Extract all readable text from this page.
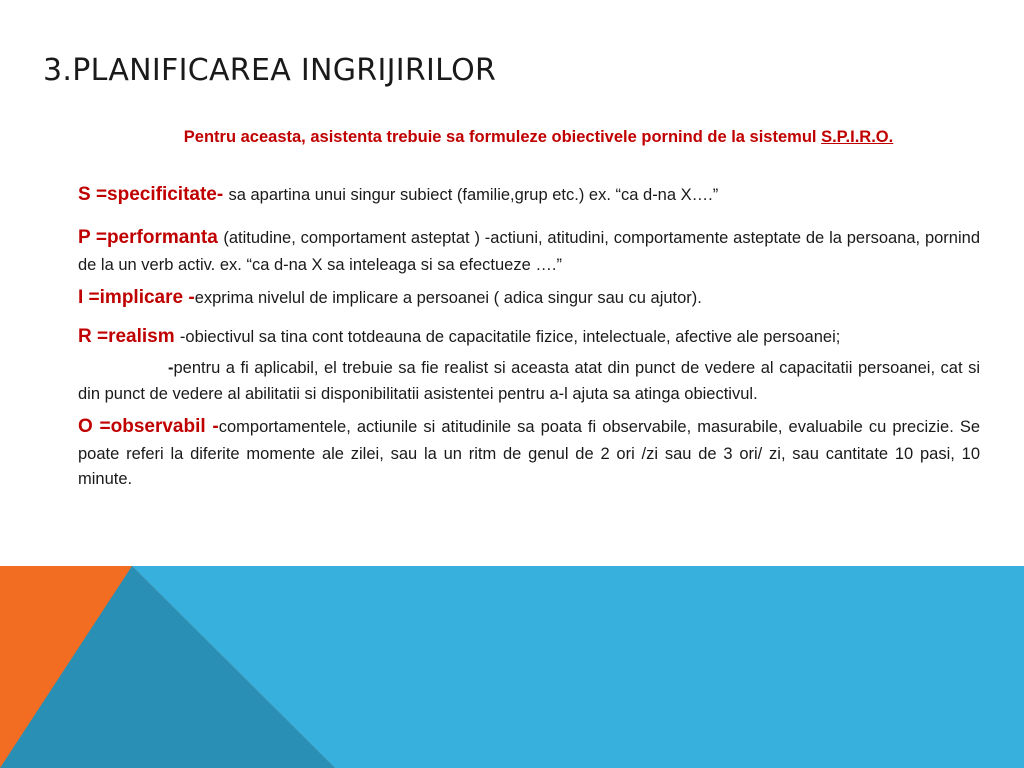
3.PLANIFICAREA INGRIJIRILOR
Pentru aceasta, asistenta trebuie sa formuleze obiectivele pornind de la sistemul S.P.I.R.O.

S =specificitate- sa apartina unui singur subiect (familie,grup etc.) ex. “ca d-na X….”

P =performanta (atitudine, comportament asteptat ) -actiuni, atitudini, comportamente asteptate de la persoana, pornind de la un verb activ. ex. “ca d-na X sa inteleaga si sa efectueze ….”

I =implicare -exprima nivelul de implicare a persoanei ( adica singur sau cu ajutor).

R =realism -obiectivul sa tina cont totdeauna de capacitatile fizice, intelectuale, afective ale persoanei;

-pentru a fi aplicabil, el trebuie sa fie realist si aceasta atat din punct de vedere al capacitatii persoanei, cat si din punct de vedere al abilitatii si disponibilitatii asistentei pentru a-l ajuta sa atinga obiectivul.

O =observabil -comportamentele, actiunile si atitudinile sa poata fi observabile, masurabile, evaluabile cu precizie. Se poate referi la diferite momente ale zilei, sau la un ritm de genul de 2 ori /zi sau de 3 ori/ zi, sau cantitate 10 pasi, 10 minute.
